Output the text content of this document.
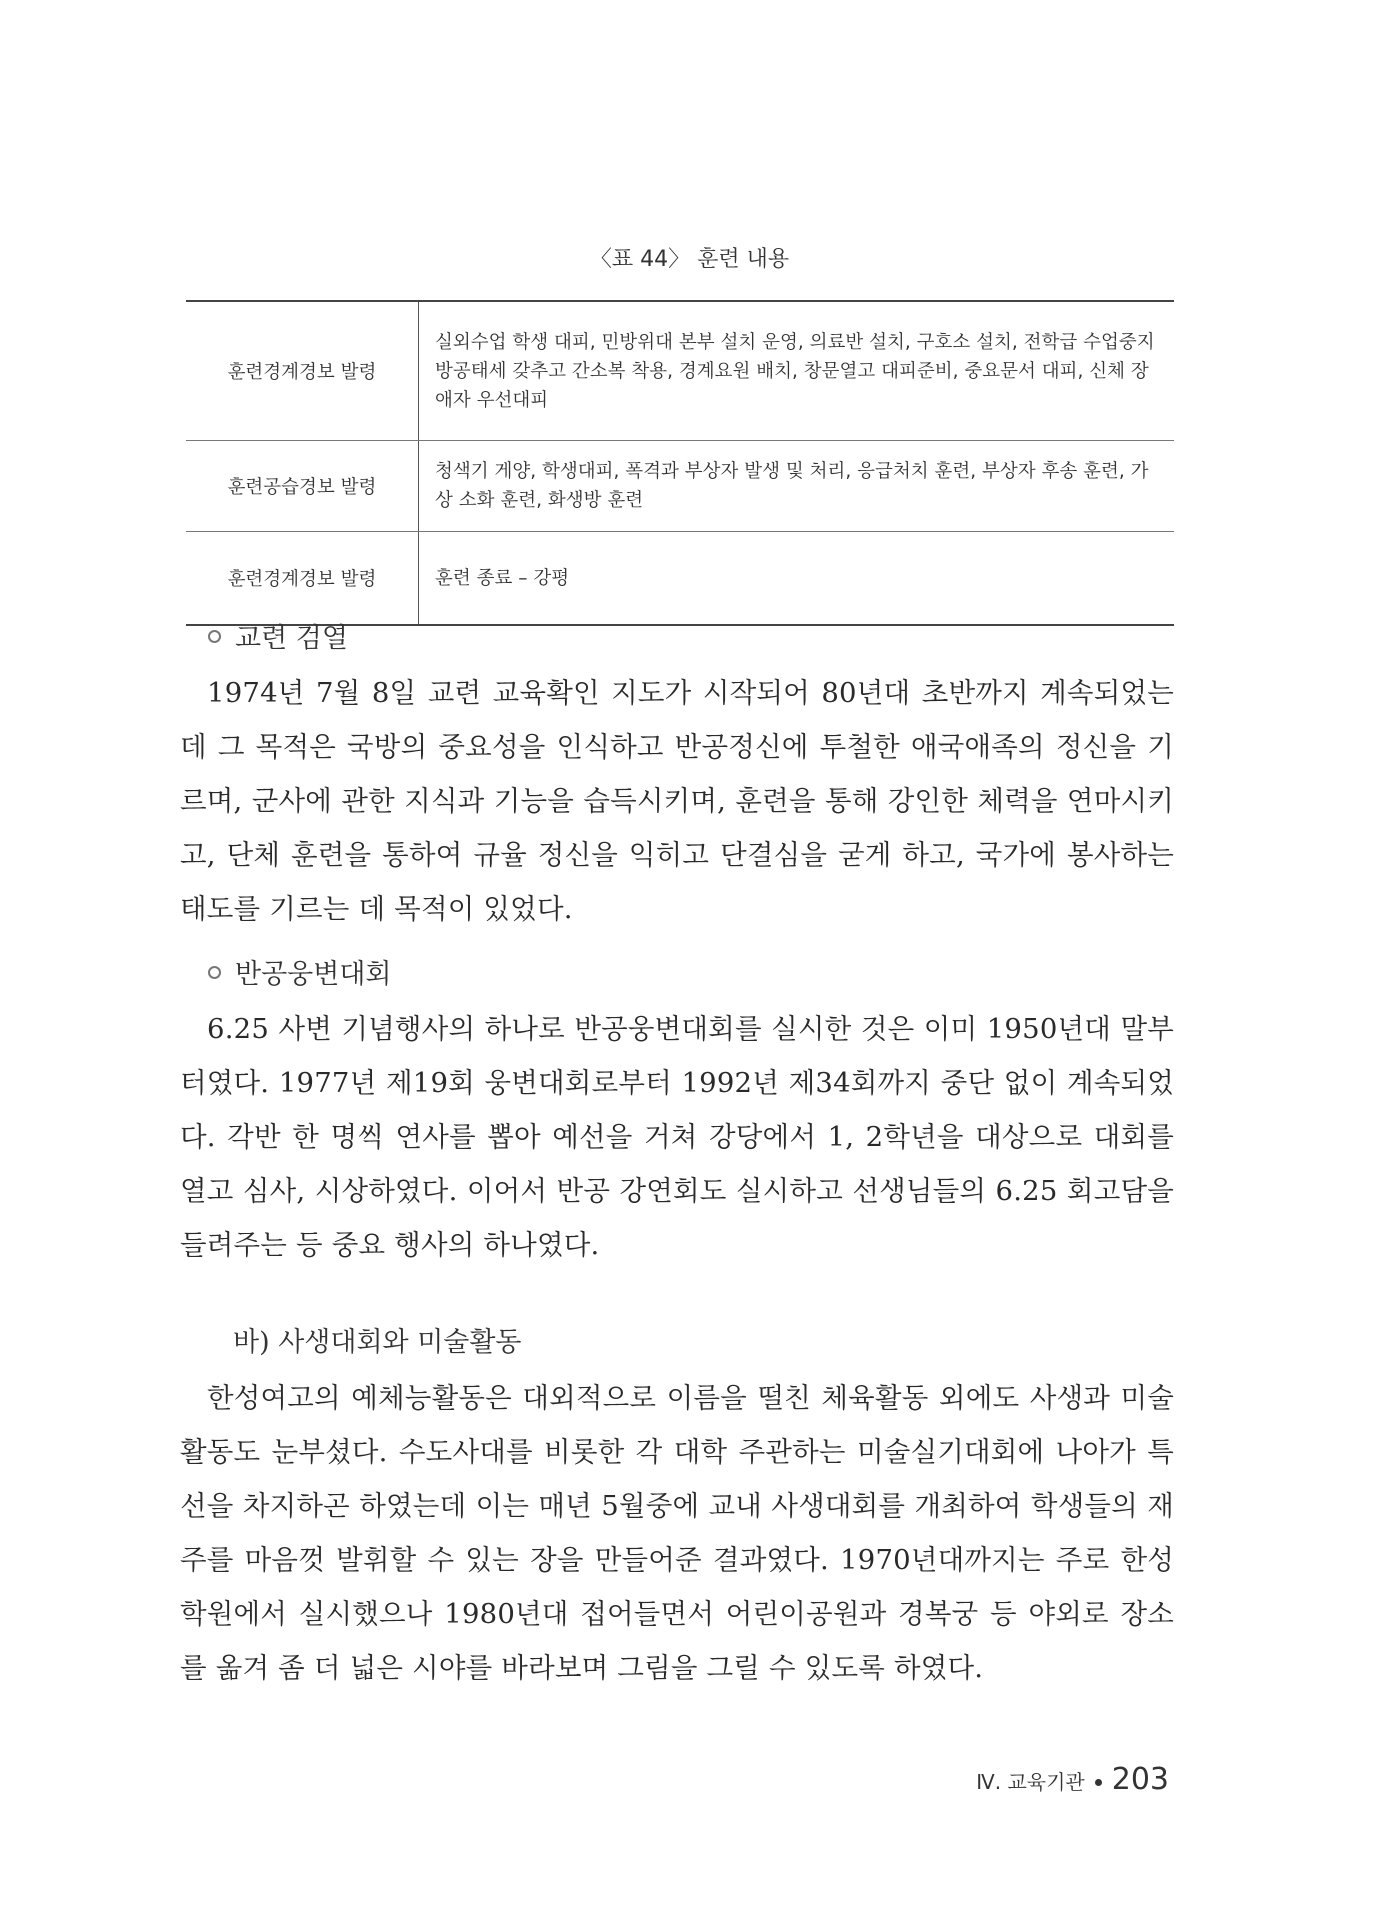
〈표 44〉 훈련 내용
훈련경계경보 발령	실외수업 학생 대피, 민방위대 본부 설치 운영, 의료반 설치, 구호소 설치, 전학급 수업중지 방공태세 갖추고 간소복 착용, 경계요원 배치, 창문열고 대피준비, 중요문서 대피, 신체 장애자 우선대피
훈련공습경보 발령	청색기 게양, 학생대피, 폭격과 부상자 발생 및 처리, 응급처치 훈련, 부상자 후송 훈련, 가상 소화 훈련, 화생방 훈련
훈련경계경보 발령	훈련 종료 – 강평
교련 검열

1974년 7월 8일 교련 교육확인 지도가 시작되어 80년대 초반까지 계속되었는데 그 목적은 국방의 중요성을 인식하고 반공정신에 투철한 애국애족의 정신을 기르며, 군사에 관한 지식과 기능을 습득시키며, 훈련을 통해 강인한 체력을 연마시키고, 단체 훈련을 통하여 규율 정신을 익히고 단결심을 굳게 하고, 국가에 봉사하는 태도를 기르는 데 목적이 있었다.

반공웅변대회

6.25 사변 기념행사의 하나로 반공웅변대회를 실시한 것은 이미 1950년대 말부터였다. 1977년 제19회 웅변대회로부터 1992년 제34회까지 중단 없이 계속되었다. 각반 한 명씩 연사를 뽑아 예선을 거쳐 강당에서 1, 2학년을 대상으로 대회를 열고 심사, 시상하였다. 이어서 반공 강연회도 실시하고 선생님들의 6.25 회고담을 들려주는 등 중요 행사의 하나였다.

바) 사생대회와 미술활동

한성여고의 예체능활동은 대외적으로 이름을 떨친 체육활동 외에도 사생과 미술활동도 눈부셨다. 수도사대를 비롯한 각 대학 주관하는 미술실기대회에 나아가 특선을 차지하곤 하였는데 이는 매년 5월중에 교내 사생대회를 개최하여 학생들의 재주를 마음껏 발휘할 수 있는 장을 만들어준 결과였다. 1970년대까지는 주로 한성학원에서 실시했으나 1980년대 접어들면서 어린이공원과 경복궁 등 야외로 장소를 옮겨 좀 더 넓은 시야를 바라보며 그림을 그릴 수 있도록 하였다.

Ⅳ. 교육기관 203
